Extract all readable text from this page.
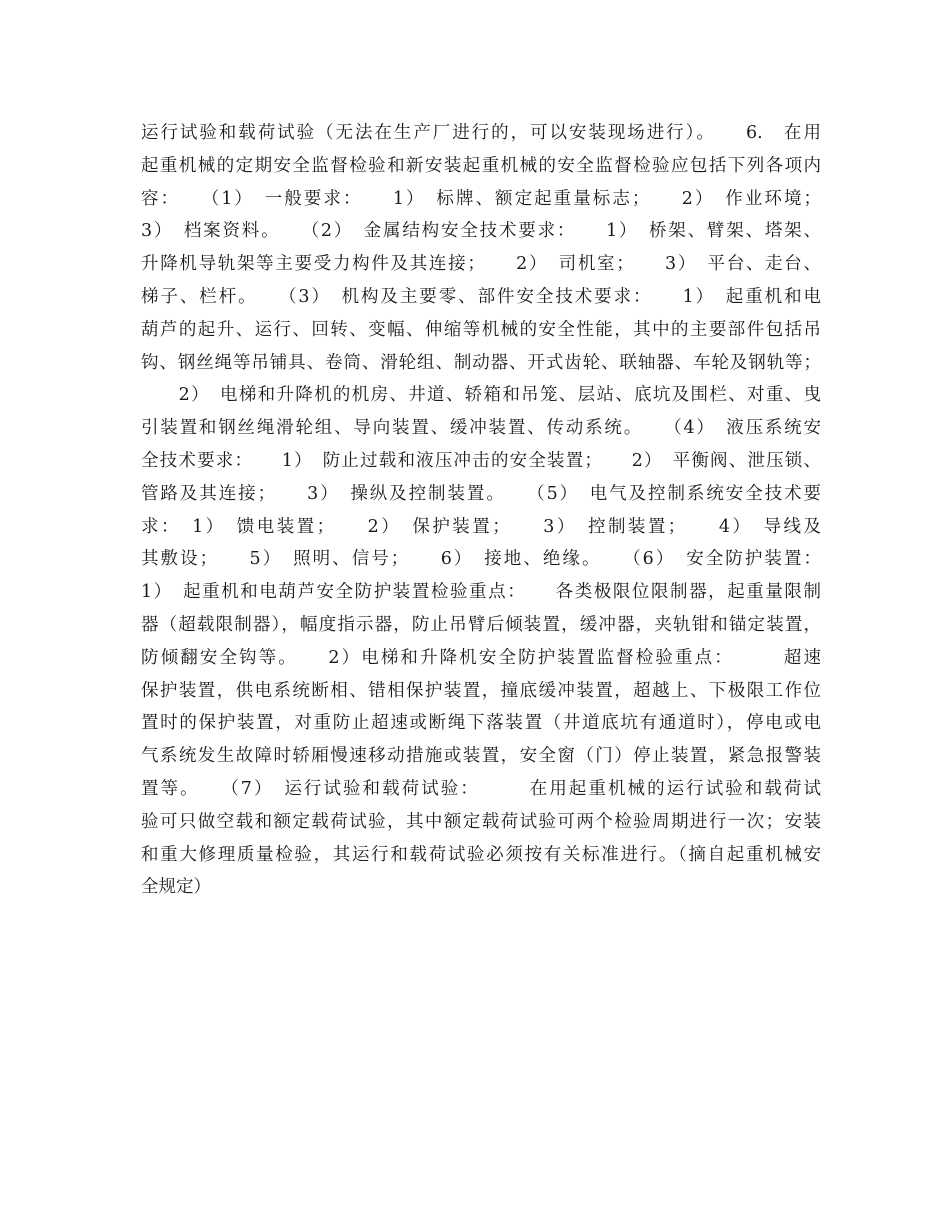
运行试验和载荷试验（无法在生产厂进行的，可以安装现场进行）。　　6.　在用
起重机械的定期安全监督检验和新安装起重机械的安全监督检验应包括下列各项内
容：　　（1）　一般要求：　　1）　标牌、额定起重量标志；　　2）　作业环境；
3）　档案资料。　　（2）　金属结构安全技术要求：　　1）　桥架、臂架、塔架、
升降机导轨架等主要受力构件及其连接；　　2）　司机室；　　3）　平台、走台、
梯子、栏杆。　　（3）　机构及主要零、部件安全技术要求：　　1）　起重机和电
葫芦的起升、运行、回转、变幅、伸缩等机械的安全性能，其中的主要部件包括吊
钩、钢丝绳等吊铺具、卷筒、滑轮组、制动器、开式齿轮、联轴器、车轮及钢轨等；
　　2）　电梯和升降机的机房、井道、轿箱和吊笼、层站、底坑及围栏、对重、曳
引装置和钢丝绳滑轮组、导向装置、缓冲装置、传动系统。　　（4）　液压系统安
全技术要求：　　1）　防止过载和液压冲击的安全装置；　　2）　平衡阀、泄压锁、
管路及其连接；　　3）　操纵及控制装置。　　（5）　电气及控制系统安全技术要
求：　1）　馈电装置；　　2）　保护装置；　　3）　控制装置；　　4）　导线及
其敷设；　　5）　照明、信号；　　6）　接地、绝缘。　　（6）　安全防护装置：
1）　起重机和电葫芦安全防护装置检验重点：　　各类极限位限制器，起重量限制
器（超载限制器），幅度指示器，防止吊臂后倾装置，缓冲器，夹轨钳和锚定装置，
防倾翻安全钩等。　　2）电梯和升降机安全防护装置监督检验重点：　　　超速
保护装置，供电系统断相、错相保护装置，撞底缓冲装置，超越上、下极限工作位
置时的保护装置，对重防止超速或断绳下落装置（井道底坑有通道时），停电或电
气系统发生故障时轿厢慢速移动措施或装置，安全窗（门）停止装置，紧急报警装
置等。　　（7）　运行试验和载荷试验：　　　在用起重机械的运行试验和载荷试
验可只做空载和额定载荷试验，其中额定载荷试验可两个检验周期进行一次；安装
和重大修理质量检验，其运行和载荷试验必须按有关标准进行。（摘自起重机械安
全规定）
